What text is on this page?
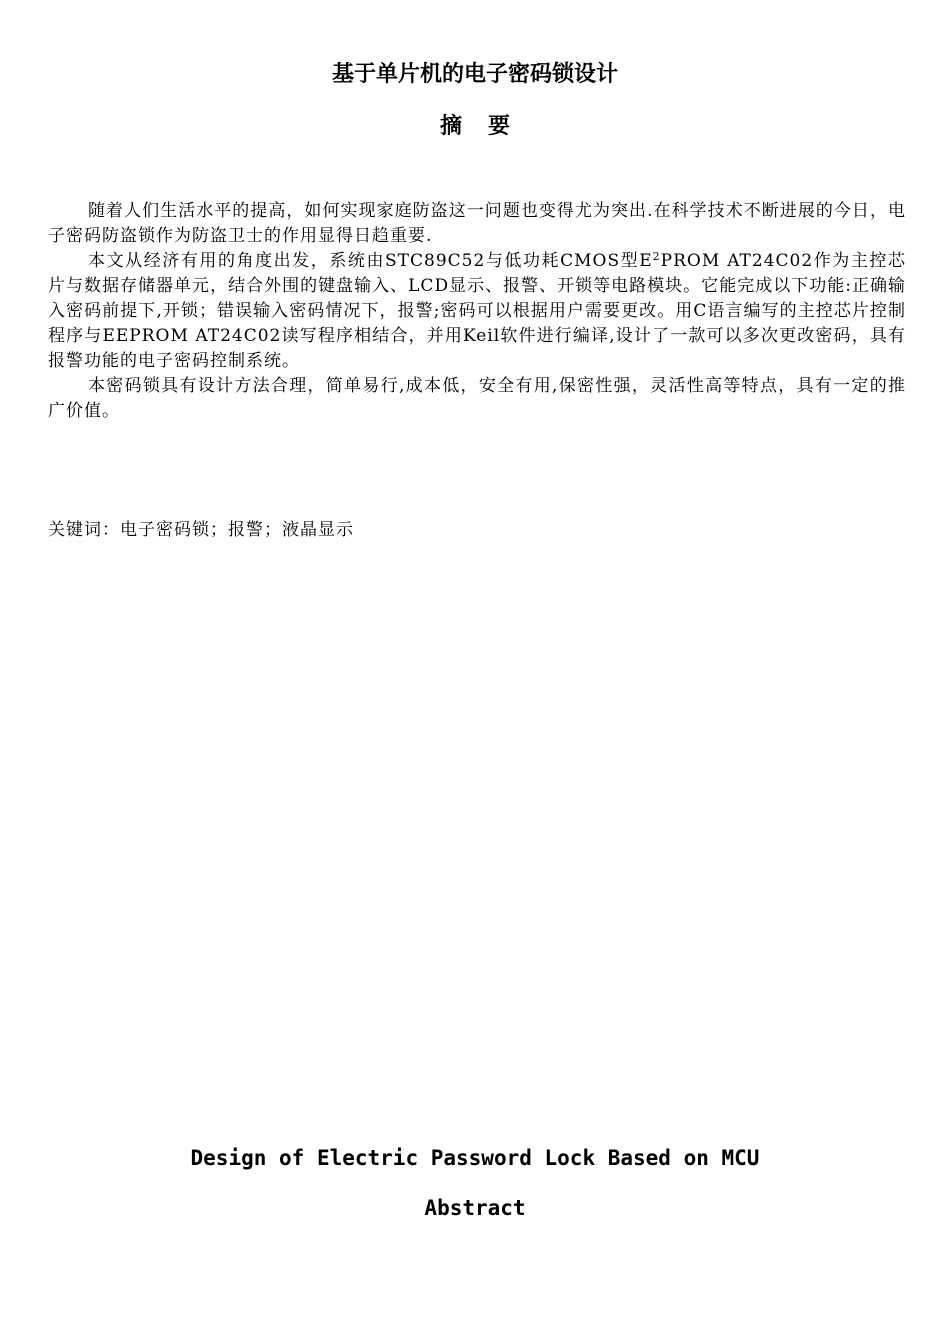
基于单片机的电子密码锁设计
摘要

随着人们生活水平的提高，如何实现家庭防盗这一问题也变得尤为突出.在科学技术不断进展的今日，电子密码防盗锁作为防盗卫士的作用显得日趋重要.

本文从经济有用的角度出发，系统由STC89C52与低功耗CMOS型$E^2PROM$ AT24C02作为主控芯片与数据存储器单元，结合外围的键盘输入、LCD显示、报警、开锁等电路模块。它能完成以下功能:正确输入密码前提下,开锁；错误输入密码情况下，报警;密码可以根据用户需要更改。用C语言编写的主控芯片控制程序与EEPROM AT24C02读写程序相结合，并用Keil软件进行编译,设计了一款可以多次更改密码，具有报警功能的电子密码控制系统。

本密码锁具有设计方法合理，简单易行,成本低，安全有用,保密性强，灵活性高等特点，具有一定的推广价值。

关键词：电子密码锁；报警；液晶显示
Design of Electric Password Lock Based on MCU
Abstract
